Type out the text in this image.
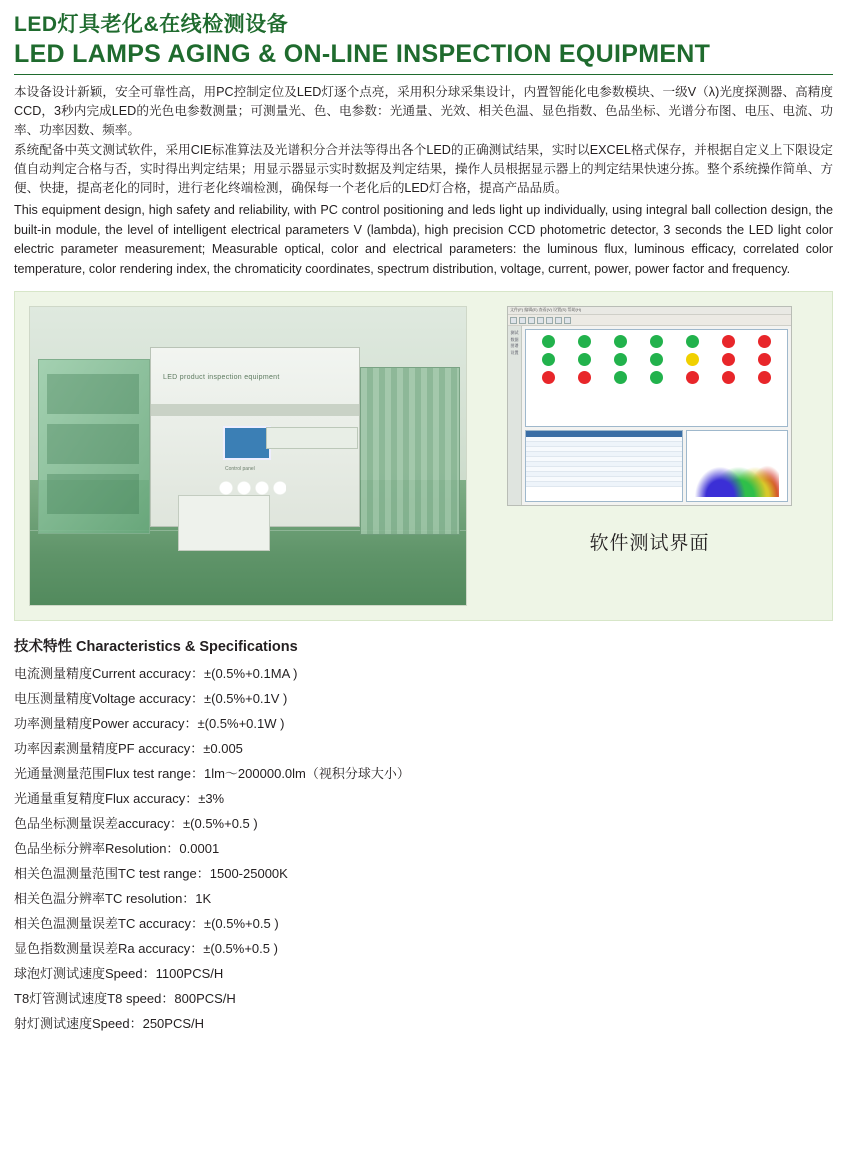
LED灯具老化&在线检测设备
LED LAMPS AGING & ON-LINE INSPECTION EQUIPMENT

本设备设计新颖，安全可靠性高，用PC控制定位及LED灯逐个点亮，采用积分球采集设计，内置智能化电参数模块、一级V（λ)光度探测器、高精度CCD，3秒内完成LED的光色电参数测量；可测量光、色、电参数：光通量、光效、相关色温、显色指数、色品坐标、光谱分布图、电压、电流、功率、功率因数、频率。

系统配备中英文测试软件，采用CIE标准算法及光谱积分合并法等得出各个LED的正确测试结果，实时以EXCEL格式保存，并根据自定义上下限设定值自动判定合格与否，实时得出判定结果；用显示器显示实时数据及判定结果，操作人员根据显示器上的判定结果快速分拣。整个系统操作简单、方便、快捷，提高老化的同时，进行老化终端检测，确保每一个老化后的LED灯合格，提高产品品质。

This equipment design, high safety and reliability, with PC control positioning and leds light up individually, using integral ball collection design, the built-in module, the level of intelligent electrical parameters V (lambda), high precision CCD photometric detector, 3 seconds the LED light color electric parameter measurement; Measurable optical, color and electrical parameters: the luminous flux, luminous efficacy, correlated color temperature, color rendering index, the chromaticity coordinates, spectrum distribution, voltage, current, power, power factor and frequency.

LED product inspection equipment
Control panel
文件(F) 编辑(E) 查看(V) 设置(S) 帮助(H)
测试 数据 图谱 设置
软件测试界面
技术特性 Characteristics & Specifications
电流测量精度Current accuracy：±(0.5%+0.1MA )
电压测量精度Voltage accuracy：±(0.5%+0.1V )
功率测量精度Power accuracy：±(0.5%+0.1W )
功率因素测量精度PF accuracy：±0.005
光通量测量范围Flux test range：1lm～200000.0lm（视积分球大小）
光通量重复精度Flux accuracy：±3%
色品坐标测量误差accuracy：±(0.5%+0.5 )
色品坐标分辨率Resolution：0.0001
相关色温测量范围TC test range：1500-25000K
相关色温分辨率TC resolution：1K
相关色温测量误差TC accuracy：±(0.5%+0.5 )
显色指数测量误差Ra accuracy：±(0.5%+0.5 )
球泡灯测试速度Speed：1100PCS/H
T8灯管测试速度T8 speed：800PCS/H
射灯测试速度Speed：250PCS/H
